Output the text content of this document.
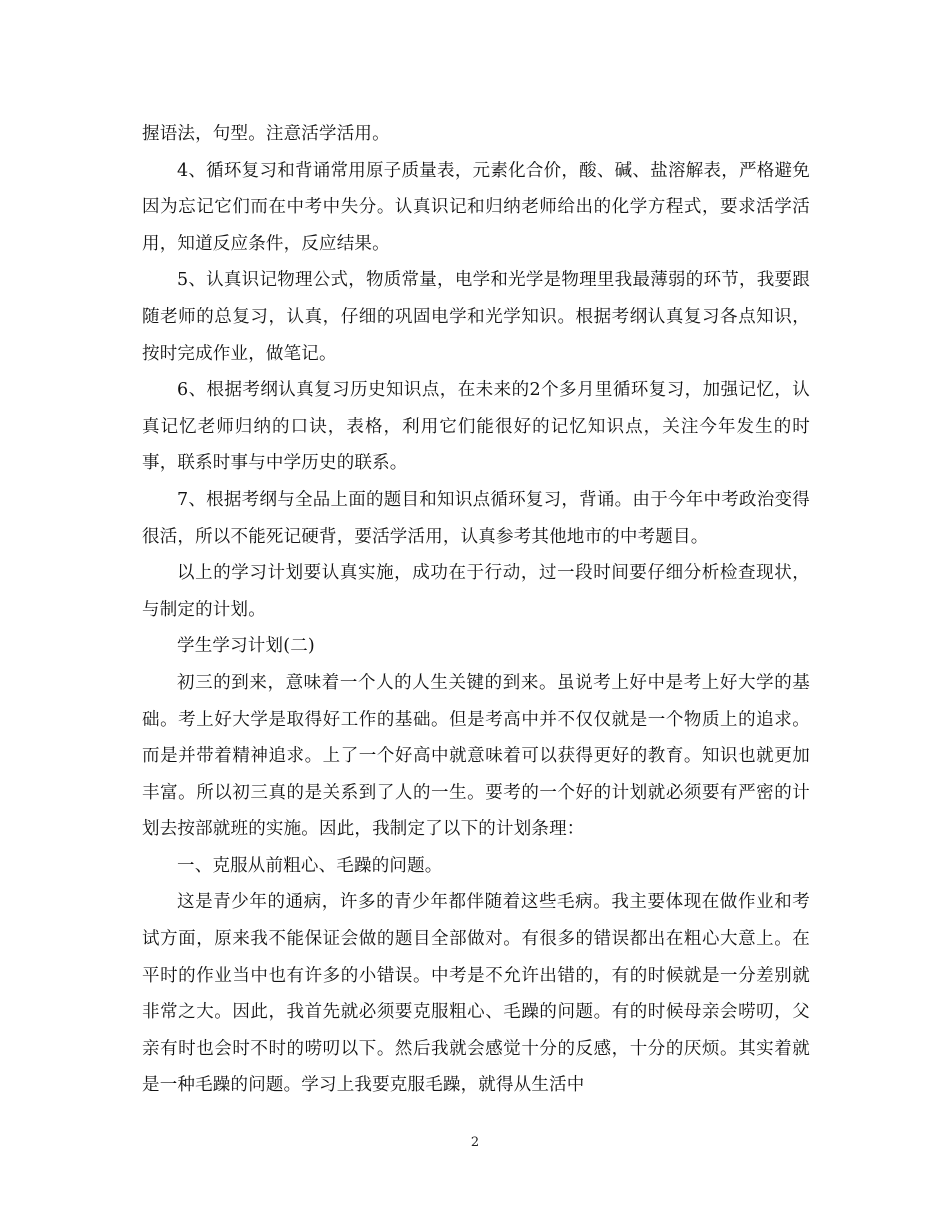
握语法，句型。注意活学活用。

4、循环复习和背诵常用原子质量表，元素化合价，酸、碱、盐溶解表，严格避免因为忘记它们而在中考中失分。认真识记和归纳老师给出的化学方程式，要求活学活用，知道反应条件，反应结果。

5、认真识记物理公式，物质常量，电学和光学是物理里我最薄弱的环节，我要跟随老师的总复习，认真，仔细的巩固电学和光学知识。根据考纲认真复习各点知识，按时完成作业，做笔记。

6、根据考纲认真复习历史知识点，在未来的2个多月里循环复习，加强记忆，认真记忆老师归纳的口诀，表格，利用它们能很好的记忆知识点，关注今年发生的时事，联系时事与中学历史的联系。

7、根据考纲与全品上面的题目和知识点循环复习，背诵。由于今年中考政治变得很活，所以不能死记硬背，要活学活用，认真参考其他地市的中考题目。

以上的学习计划要认真实施，成功在于行动，过一段时间要仔细分析检查现状，与制定的计划。

学生学习计划(二)

初三的到来，意味着一个人的人生关键的到来。虽说考上好中是考上好大学的基础。考上好大学是取得好工作的基础。但是考高中并不仅仅就是一个物质上的追求。而是并带着精神追求。上了一个好高中就意味着可以获得更好的教育。知识也就更加丰富。所以初三真的是关系到了人的一生。要考的一个好的计划就必须要有严密的计划去按部就班的实施。因此，我制定了以下的计划条理：

一、克服从前粗心、毛躁的问题。

这是青少年的通病，许多的青少年都伴随着这些毛病。我主要体现在做作业和考试方面，原来我不能保证会做的题目全部做对。有很多的错误都出在粗心大意上。在平时的作业当中也有许多的小错误。中考是不允许出错的，有的时候就是一分差别就非常之大。因此，我首先就必须要克服粗心、毛躁的问题。有的时候母亲会唠叨，父亲有时也会时不时的唠叨以下。然后我就会感觉十分的反感，十分的厌烦。其实着就是一种毛躁的问题。学习上我要克服毛躁，就得从生活中

2
